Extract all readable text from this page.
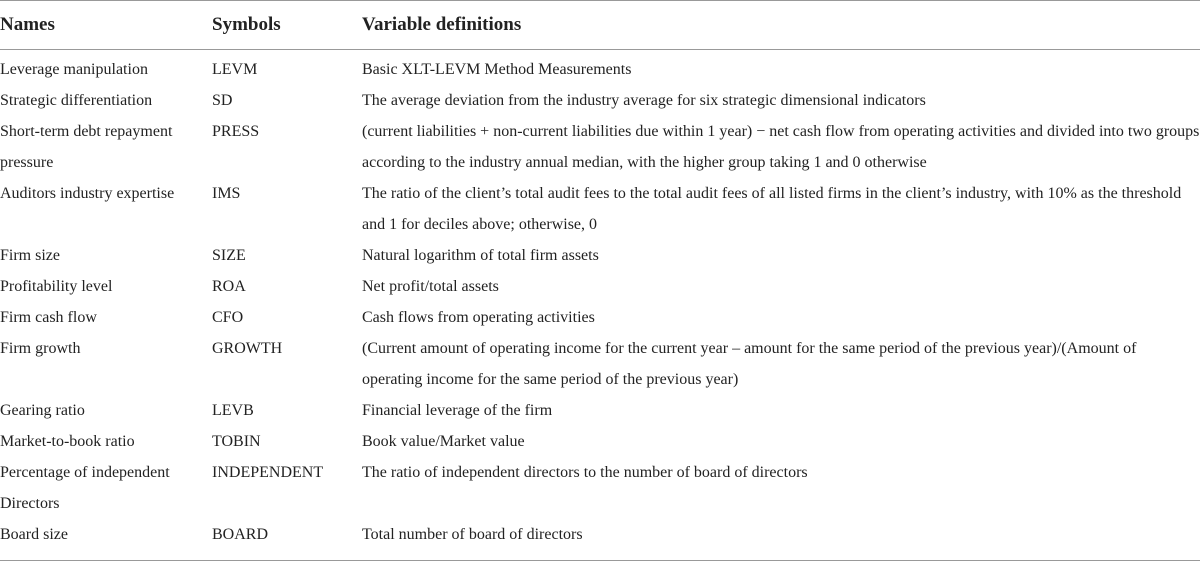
Names	Symbols	Variable definitions
Leverage manipulation	LEVM	Basic XLT-LEVM Method Measurements
Strategic differentiation	SD	The average deviation from the industry average for six strategic dimensional indicators
Short-term debt repayment pressure	PRESS	(current liabilities + non-current liabilities due within 1 year) − net cash flow from operating activities and divided into two groups according to the industry annual median, with the higher group taking 1 and 0 otherwise
Auditors industry expertise	IMS	The ratio of the client’s total audit fees to the total audit fees of all listed firms in the client’s industry, with 10% as the threshold and 1 for deciles above; otherwise, 0
Firm size	SIZE	Natural logarithm of total firm assets
Profitability level	ROA	Net profit/total assets
Firm cash flow	CFO	Cash flows from operating activities
Firm growth	GROWTH	(Current amount of operating income for the current year – amount for the same period of the previous year)/(Amount of operating income for the same period of the previous year)
Gearing ratio	LEVB	Financial leverage of the firm
Market-to-book ratio	TOBIN	Book value/Market value
Percentage of independent Directors	INDEPENDENT	The ratio of independent directors to the number of board of directors
Board size	BOARD	Total number of board of directors
